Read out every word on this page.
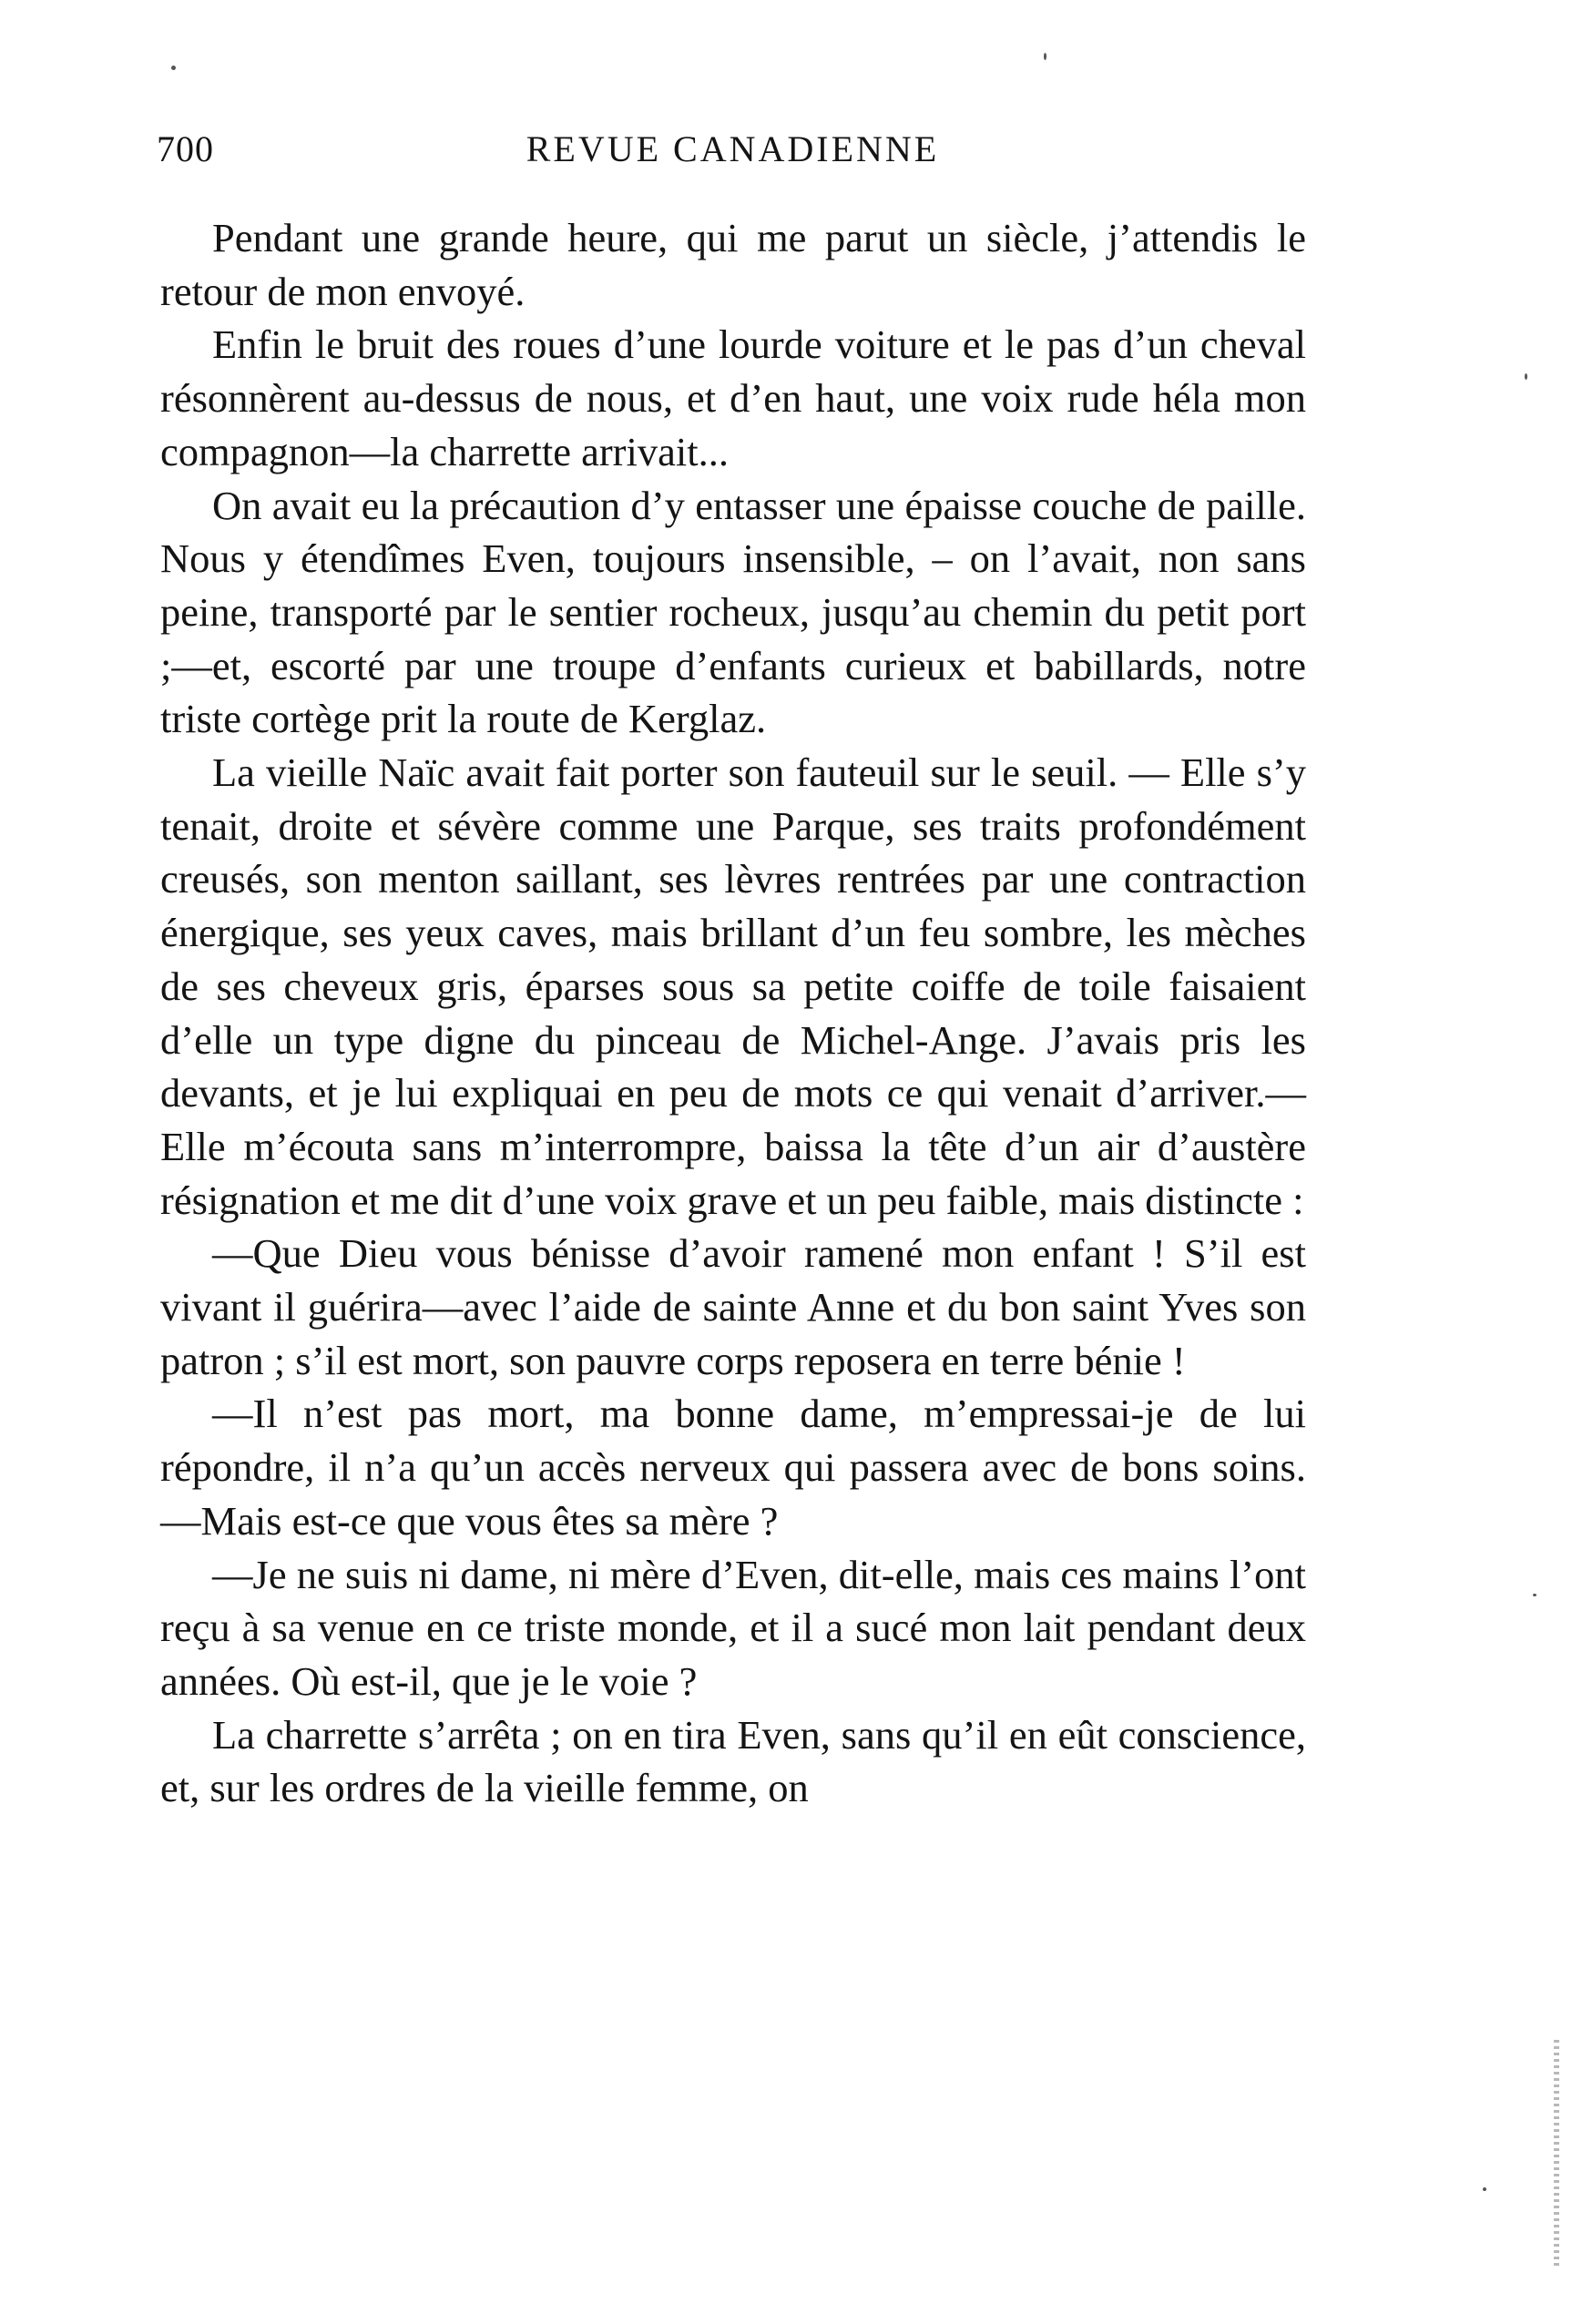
700	REVUE CANADIENNE

Pendant une grande heure, qui me parut un siècle, j’attendis le retour de mon envoyé.

Enfin le bruit des roues d’une lourde voiture et le pas d’un cheval résonnèrent au-dessus de nous, et d’en haut, une voix rude héla mon compagnon—la charrette arrivait...

On avait eu la précaution d’y entasser une épaisse couche de paille. Nous y étendîmes Even, toujours insensible, – on l’avait, non sans peine, transporté par le sentier rocheux, jusqu’au chemin du petit port ;—et, escorté par une troupe d’enfants curieux et babillards, notre triste cortège prit la route de Kerglaz.

La vieille Naïc avait fait porter son fauteuil sur le seuil. — Elle s’y tenait, droite et sévère comme une Parque, ses traits profondément creusés, son menton saillant, ses lèvres rentrées par une contraction énergique, ses yeux caves, mais brillant d’un feu sombre, les mèches de ses cheveux gris, éparses sous sa petite coiffe de toile faisaient d’elle un type digne du pinceau de Michel-Ange. J’avais pris les devants, et je lui expliquai en peu de mots ce qui venait d’arriver.—Elle m’écouta sans m’interrompre, baissa la tête d’un air d’austère résignation et me dit d’une voix grave et un peu faible, mais distincte :

—Que Dieu vous bénisse d’avoir ramené mon enfant ! S’il est vivant il guérira—avec l’aide de sainte Anne et du bon saint Yves son patron ; s’il est mort, son pauvre corps reposera en terre bénie !

—Il n’est pas mort, ma bonne dame, m’empressai-je de lui répondre, il n’a qu’un accès nerveux qui passera avec de bons soins.—Mais est-ce que vous êtes sa mère ?

—Je ne suis ni dame, ni mère d’Even, dit-elle, mais ces mains l’ont reçu à sa venue en ce triste monde, et il a sucé mon lait pendant deux années. Où est-il, que je le voie ?

La charrette s’arrêta ; on en tira Even, sans qu’il en eût conscience, et, sur les ordres de la vieille femme, on
